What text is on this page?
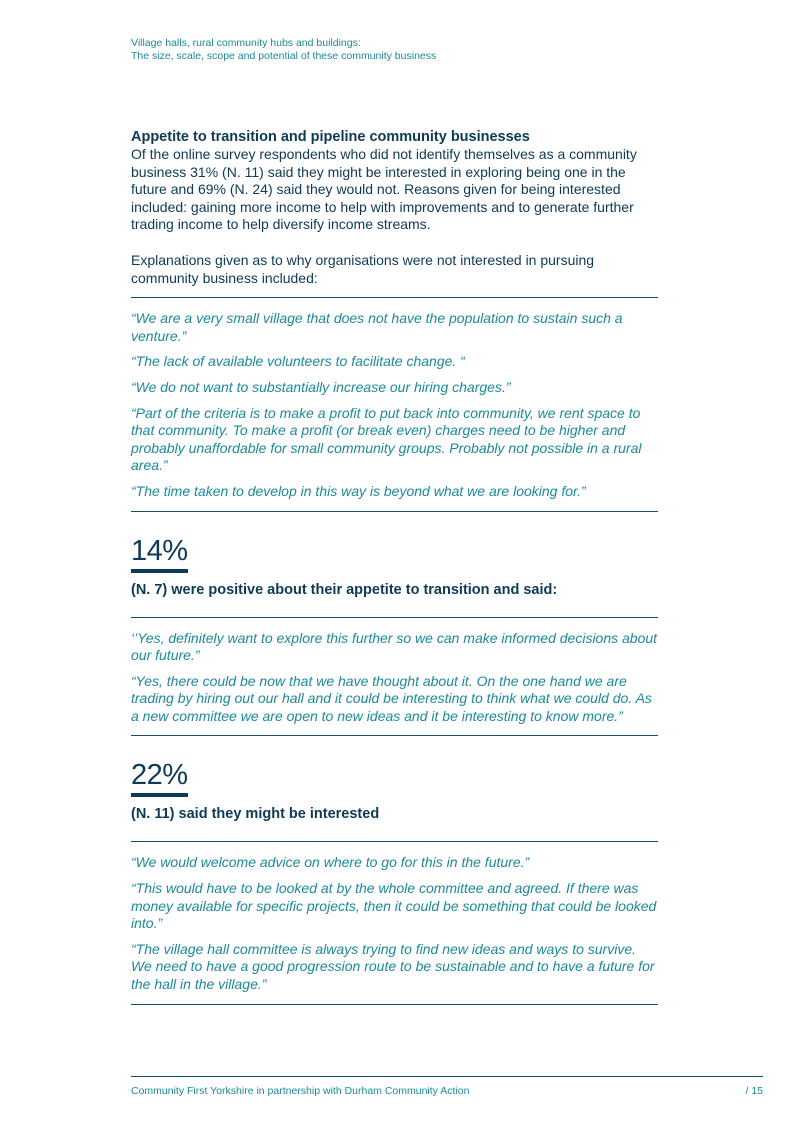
Village halls, rural community hubs and buildings:
The size, scale, scope and potential of these community business
Appetite to transition and pipeline community businesses

Of the online survey respondents who did not identify themselves as a community business 31% (N. 11) said they might be interested in exploring being one in the future and 69% (N. 24) said they would not. Reasons given for being interested included: gaining more income to help with improvements and to generate further trading income to help diversify income streams.

Explanations given as to why organisations were not interested in pursuing community business included:

“We are a very small village that does not have the population to sustain such a venture.”

“The lack of available volunteers to facilitate change. “

“We do not want to substantially increase our hiring charges.”

“Part of the criteria is to make a profit to put back into community, we rent space to that community. To make a profit (or break even) charges need to be higher and probably unaffordable for small community groups. Probably not possible in a rural area.”

“The time taken to develop in this way is beyond what we are looking for.”

14%

(N. 7) were positive about their appetite to transition and said:

‘’Yes, definitely want to explore this further so we can make informed decisions about our future.”

“Yes, there could be now that we have thought about it. On the one hand we are trading by hiring out our hall and it could be interesting to think what we could do. As a new committee we are open to new ideas and it be interesting to know more.”

22%

(N. 11) said they might be interested

“We would welcome advice on where to go for this in the future.”

“This would have to be looked at by the whole committee and agreed. If there was money available for specific projects, then it could be something that could be looked into.”

“The village hall committee is always trying to find new ideas and ways to survive. We need to have a good progression route to be sustainable and to have a future for the hall in the village.”

Community First Yorkshire in partnership with Durham Community Action	/ 15
